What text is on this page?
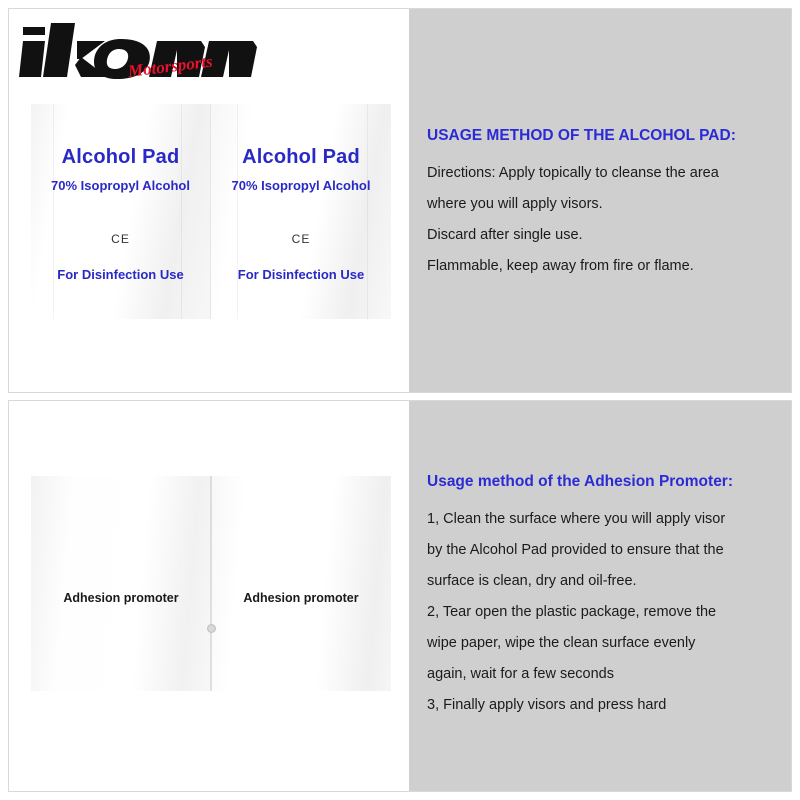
Motorsports
Alcohol Pad
70% Isopropyl Alcohol
CE
For Disinfection Use
Alcohol Pad
70% Isopropyl Alcohol
CE
For Disinfection Use

USAGE METHOD OF THE ALCOHOL PAD:

Directions: Apply topically to cleanse the area
where you will apply visors.
Discard after single use.
Flammable, keep away from fire or flame.
Adhesion promoter	Adhesion promoter

Usage method of the Adhesion Promoter:

1, Clean the surface where you will apply visor
by the Alcohol Pad provided to ensure that the
surface is clean, dry and oil-free.
2, Tear open the plastic package, remove the
wipe paper, wipe the clean surface evenly
again, wait for a few seconds
3, Finally apply visors and press hard
